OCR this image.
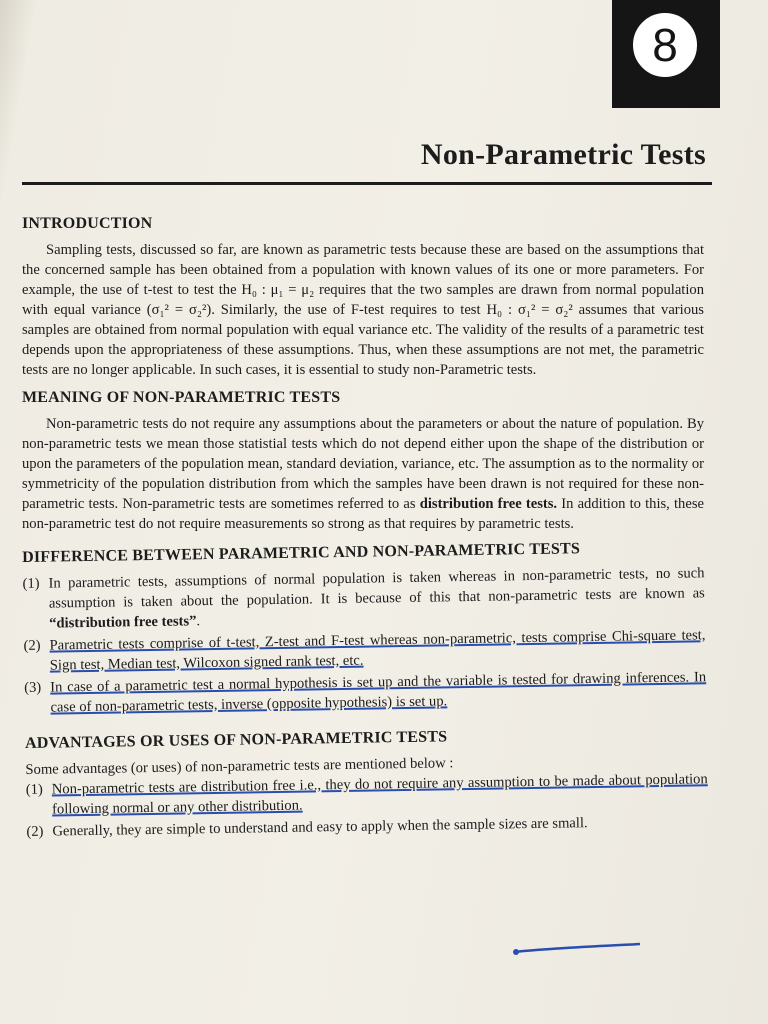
8
Non-Parametric Tests
INTRODUCTION

Sampling tests, discussed so far, are known as parametric tests because these are based on the assumptions that the concerned sample has been obtained from a population with known values of its one or more parameters. For example, the use of t-test to test the H₀ : μ₁ = μ₂ requires that the two samples are drawn from normal population with equal variance (σ₁² = σ₂²). Similarly, the use of F-test requires to test H₀ : σ₁² = σ₂² assumes that various samples are obtained from normal population with equal variance etc. The validity of the results of a parametric test depends upon the appropriateness of these assumptions. Thus, when these assumptions are not met, the parametric tests are no longer applicable. In such cases, it is essential to study non-Parametric tests.

MEANING OF NON-PARAMETRIC TESTS

Non-parametric tests do not require any assumptions about the parameters or about the nature of population. By non-parametric tests we mean those statistial tests which do not depend either upon the shape of the distribution or upon the parameters of the population mean, standard deviation, variance, etc. The assumption as to the normality or symmetricity of the population distribution from which the samples have been drawn is not required for these non-parametric tests. Non-parametric tests are sometimes referred to as distribution free tests. In addition to this, these non-parametric test do not require measurements so strong as that requires by parametric tests.

DIFFERENCE BETWEEN PARAMETRIC AND NON-PARAMETRIC TESTS
(1) In parametric tests, assumptions of normal population is taken whereas in non-parametric tests, no such assumption is taken about the population. It is because of this that non-parametric tests are known as “distribution free tests”.
(2) Parametric tests comprise of t-test, Z-test and F-test whereas non-parametric, tests comprise Chi-square test, Sign test, Median test, Wilcoxon signed rank test, etc.
(3) In case of a parametric test a normal hypothesis is set up and the variable is tested for drawing inferences. In case of non-parametric tests, inverse (opposite hypothesis) is set up.
ADVANTAGES OR USES OF NON-PARAMETRIC TESTS

Some advantages (or uses) of non-parametric tests are mentioned below :

(1) Non-parametric tests are distribution free i.e., they do not require any assumption to be made about population following normal or any other distribution.
(2) Generally, they are simple to understand and easy to apply when the sample sizes are small.
